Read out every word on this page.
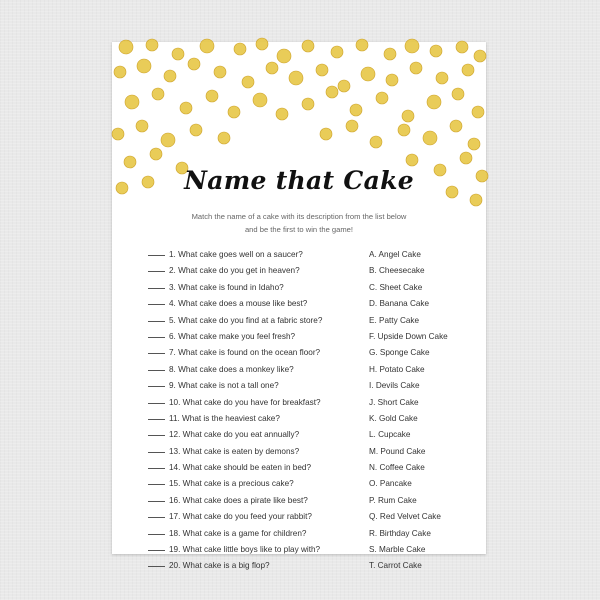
Name that Cake
Match the name of a cake with its description from the list below
and be the first to win the game!
1. What cake goes well on a saucer?
2. What cake do you get in heaven?
3. What cake is found in Idaho?
4. What cake does a mouse like best?
5. What cake do you find at a fabric store?
6. What cake make you feel fresh?
7. What cake is found on the ocean floor?
8. What cake does a monkey like?
9. What cake is not a tall one?
10. What cake do you have for breakfast?
11. What is the heaviest cake?
12. What cake do you eat annually?
13. What cake is eaten by demons?
14. What cake should be eaten in bed?
15. What cake is a precious cake?
16. What cake does a pirate like best?
17. What cake do you feed your rabbit?
18. What cake is a game for children?
19. What cake little boys like to play with?
20. What cake is a big flop?
A. Angel Cake
B. Cheesecake
C. Sheet Cake
D. Banana Cake
E. Patty Cake
F. Upside Down Cake
G. Sponge Cake
H. Potato Cake
I. Devils Cake
J. Short Cake
K. Gold Cake
L. Cupcake
M. Pound Cake
N. Coffee Cake
O. Pancake
P. Rum Cake
Q. Red Velvet Cake
R. Birthday Cake
S. Marble Cake
T. Carrot Cake
